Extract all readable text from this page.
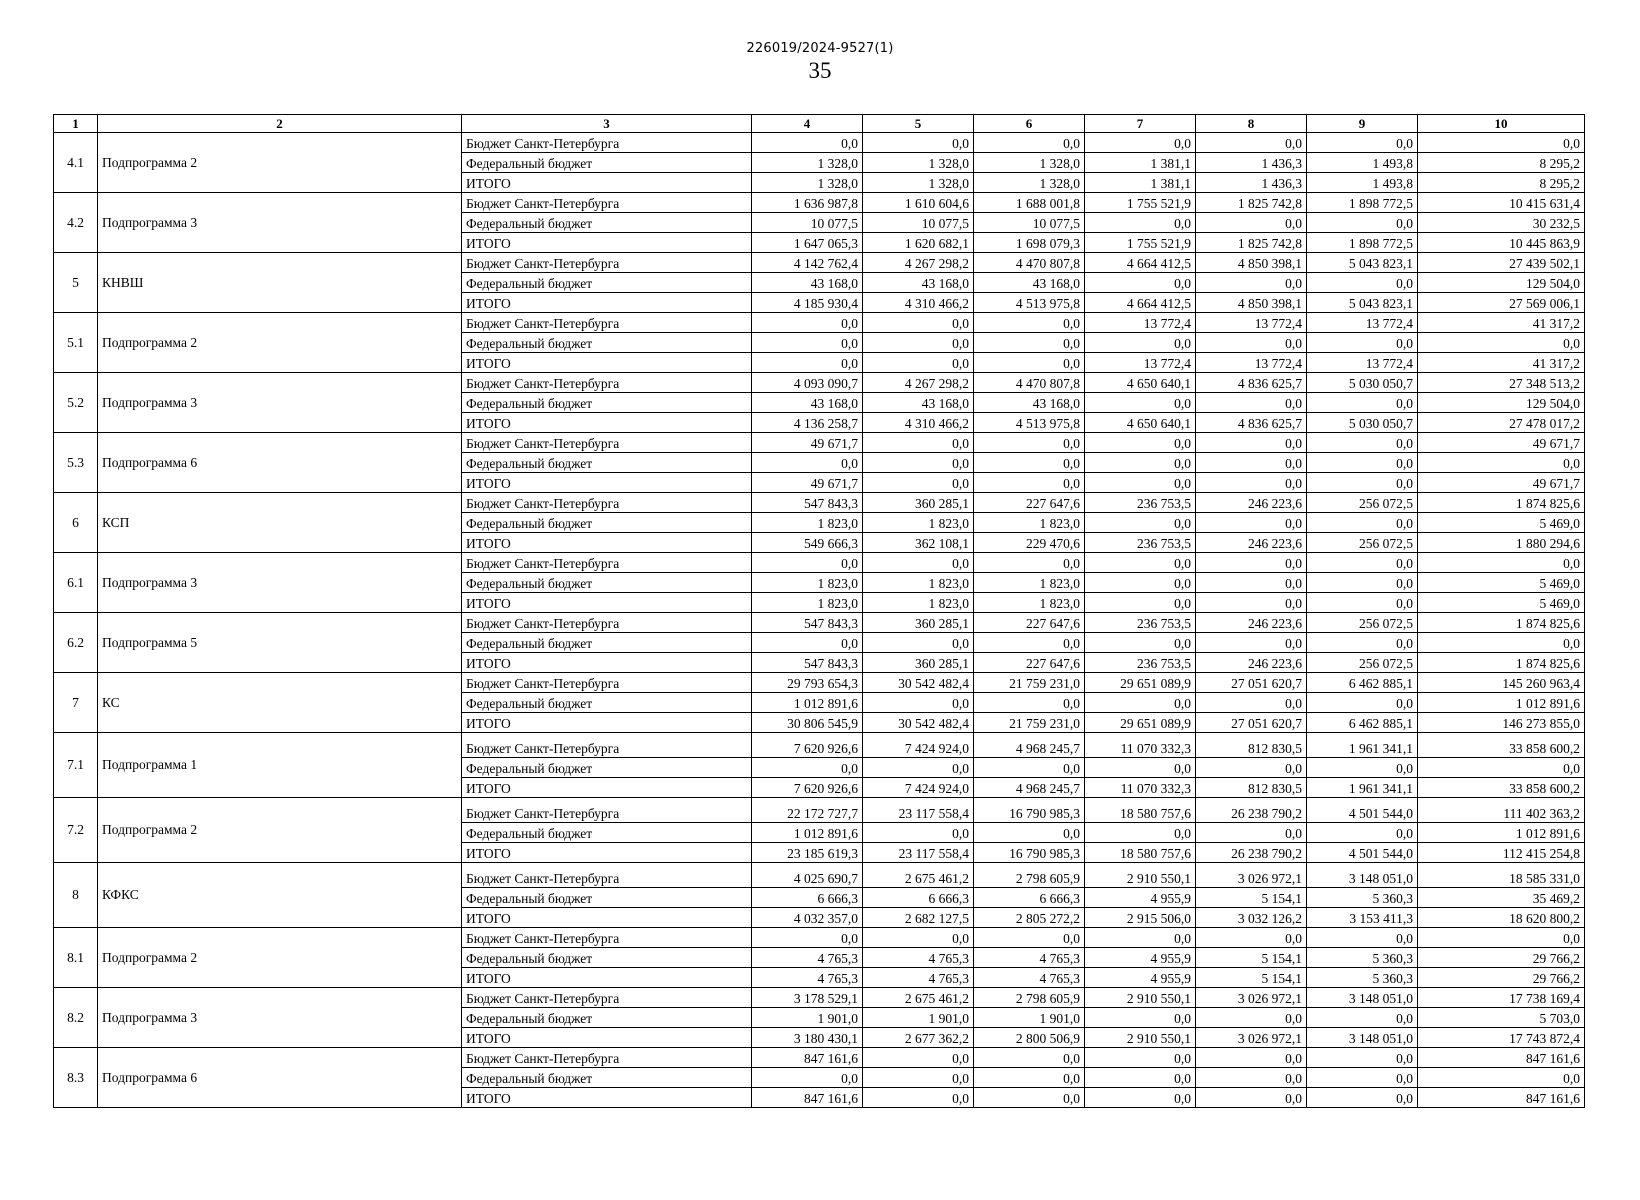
226019/2024-9527(1)
35
1	2	3	4	5	6	7	8	9	10
4.1	Подпрограмма 2	Бюджет Санкт-Петербурга	0,0	0,0	0,0	0,0	0,0	0,0	0,0
		Федеральный бюджет	1 328,0	1 328,0	1 328,0	1 381,1	1 436,3	1 493,8	8 295,2
		ИТОГО	1 328,0	1 328,0	1 328,0	1 381,1	1 436,3	1 493,8	8 295,2
4.2	Подпрограмма 3	Бюджет Санкт-Петербурга	1 636 987,8	1 610 604,6	1 688 001,8	1 755 521,9	1 825 742,8	1 898 772,5	10 415 631,4
		Федеральный бюджет	10 077,5	10 077,5	10 077,5	0,0	0,0	0,0	30 232,5
		ИТОГО	1 647 065,3	1 620 682,1	1 698 079,3	1 755 521,9	1 825 742,8	1 898 772,5	10 445 863,9
5	КНВШ	Бюджет Санкт-Петербурга	4 142 762,4	4 267 298,2	4 470 807,8	4 664 412,5	4 850 398,1	5 043 823,1	27 439 502,1
		Федеральный бюджет	43 168,0	43 168,0	43 168,0	0,0	0,0	0,0	129 504,0
		ИТОГО	4 185 930,4	4 310 466,2	4 513 975,8	4 664 412,5	4 850 398,1	5 043 823,1	27 569 006,1
5.1	Подпрограмма 2	Бюджет Санкт-Петербурга	0,0	0,0	0,0	13 772,4	13 772,4	13 772,4	41 317,2
		Федеральный бюджет	0,0	0,0	0,0	0,0	0,0	0,0	0,0
		ИТОГО	0,0	0,0	0,0	13 772,4	13 772,4	13 772,4	41 317,2
5.2	Подпрограмма 3	Бюджет Санкт-Петербурга	4 093 090,7	4 267 298,2	4 470 807,8	4 650 640,1	4 836 625,7	5 030 050,7	27 348 513,2
		Федеральный бюджет	43 168,0	43 168,0	43 168,0	0,0	0,0	0,0	129 504,0
		ИТОГО	4 136 258,7	4 310 466,2	4 513 975,8	4 650 640,1	4 836 625,7	5 030 050,7	27 478 017,2
5.3	Подпрограмма 6	Бюджет Санкт-Петербурга	49 671,7	0,0	0,0	0,0	0,0	0,0	49 671,7
		Федеральный бюджет	0,0	0,0	0,0	0,0	0,0	0,0	0,0
		ИТОГО	49 671,7	0,0	0,0	0,0	0,0	0,0	49 671,7
6	КСП	Бюджет Санкт-Петербурга	547 843,3	360 285,1	227 647,6	236 753,5	246 223,6	256 072,5	1 874 825,6
		Федеральный бюджет	1 823,0	1 823,0	1 823,0	0,0	0,0	0,0	5 469,0
		ИТОГО	549 666,3	362 108,1	229 470,6	236 753,5	246 223,6	256 072,5	1 880 294,6
6.1	Подпрограмма 3	Бюджет Санкт-Петербурга	0,0	0,0	0,0	0,0	0,0	0,0	0,0
		Федеральный бюджет	1 823,0	1 823,0	1 823,0	0,0	0,0	0,0	5 469,0
		ИТОГО	1 823,0	1 823,0	1 823,0	0,0	0,0	0,0	5 469,0
6.2	Подпрограмма 5	Бюджет Санкт-Петербурга	547 843,3	360 285,1	227 647,6	236 753,5	246 223,6	256 072,5	1 874 825,6
		Федеральный бюджет	0,0	0,0	0,0	0,0	0,0	0,0	0,0
		ИТОГО	547 843,3	360 285,1	227 647,6	236 753,5	246 223,6	256 072,5	1 874 825,6
7	КС	Бюджет Санкт-Петербурга	29 793 654,3	30 542 482,4	21 759 231,0	29 651 089,9	27 051 620,7	6 462 885,1	145 260 963,4
		Федеральный бюджет	1 012 891,6	0,0	0,0	0,0	0,0	0,0	1 012 891,6
		ИТОГО	30 806 545,9	30 542 482,4	21 759 231,0	29 651 089,9	27 051 620,7	6 462 885,1	146 273 855,0
7.1	Подпрограмма 1	Бюджет Санкт-Петербурга	7 620 926,6	7 424 924,0	4 968 245,7	11 070 332,3	812 830,5	1 961 341,1	33 858 600,2
		Федеральный бюджет	0,0	0,0	0,0	0,0	0,0	0,0	0,0
		ИТОГО	7 620 926,6	7 424 924,0	4 968 245,7	11 070 332,3	812 830,5	1 961 341,1	33 858 600,2
7.2	Подпрограмма 2	Бюджет Санкт-Петербурга	22 172 727,7	23 117 558,4	16 790 985,3	18 580 757,6	26 238 790,2	4 501 544,0	111 402 363,2
		Федеральный бюджет	1 012 891,6	0,0	0,0	0,0	0,0	0,0	1 012 891,6
		ИТОГО	23 185 619,3	23 117 558,4	16 790 985,3	18 580 757,6	26 238 790,2	4 501 544,0	112 415 254,8
8	КФКС	Бюджет Санкт-Петербурга	4 025 690,7	2 675 461,2	2 798 605,9	2 910 550,1	3 026 972,1	3 148 051,0	18 585 331,0
		Федеральный бюджет	6 666,3	6 666,3	6 666,3	4 955,9	5 154,1	5 360,3	35 469,2
		ИТОГО	4 032 357,0	2 682 127,5	2 805 272,2	2 915 506,0	3 032 126,2	3 153 411,3	18 620 800,2
8.1	Подпрограмма 2	Бюджет Санкт-Петербурга	0,0	0,0	0,0	0,0	0,0	0,0	0,0
		Федеральный бюджет	4 765,3	4 765,3	4 765,3	4 955,9	5 154,1	5 360,3	29 766,2
		ИТОГО	4 765,3	4 765,3	4 765,3	4 955,9	5 154,1	5 360,3	29 766,2
8.2	Подпрограмма 3	Бюджет Санкт-Петербурга	3 178 529,1	2 675 461,2	2 798 605,9	2 910 550,1	3 026 972,1	3 148 051,0	17 738 169,4
		Федеральный бюджет	1 901,0	1 901,0	1 901,0	0,0	0,0	0,0	5 703,0
		ИТОГО	3 180 430,1	2 677 362,2	2 800 506,9	2 910 550,1	3 026 972,1	3 148 051,0	17 743 872,4
8.3	Подпрограмма 6	Бюджет Санкт-Петербурга	847 161,6	0,0	0,0	0,0	0,0	0,0	847 161,6
		Федеральный бюджет	0,0	0,0	0,0	0,0	0,0	0,0	0,0
		ИТОГО	847 161,6	0,0	0,0	0,0	0,0	0,0	847 161,6
